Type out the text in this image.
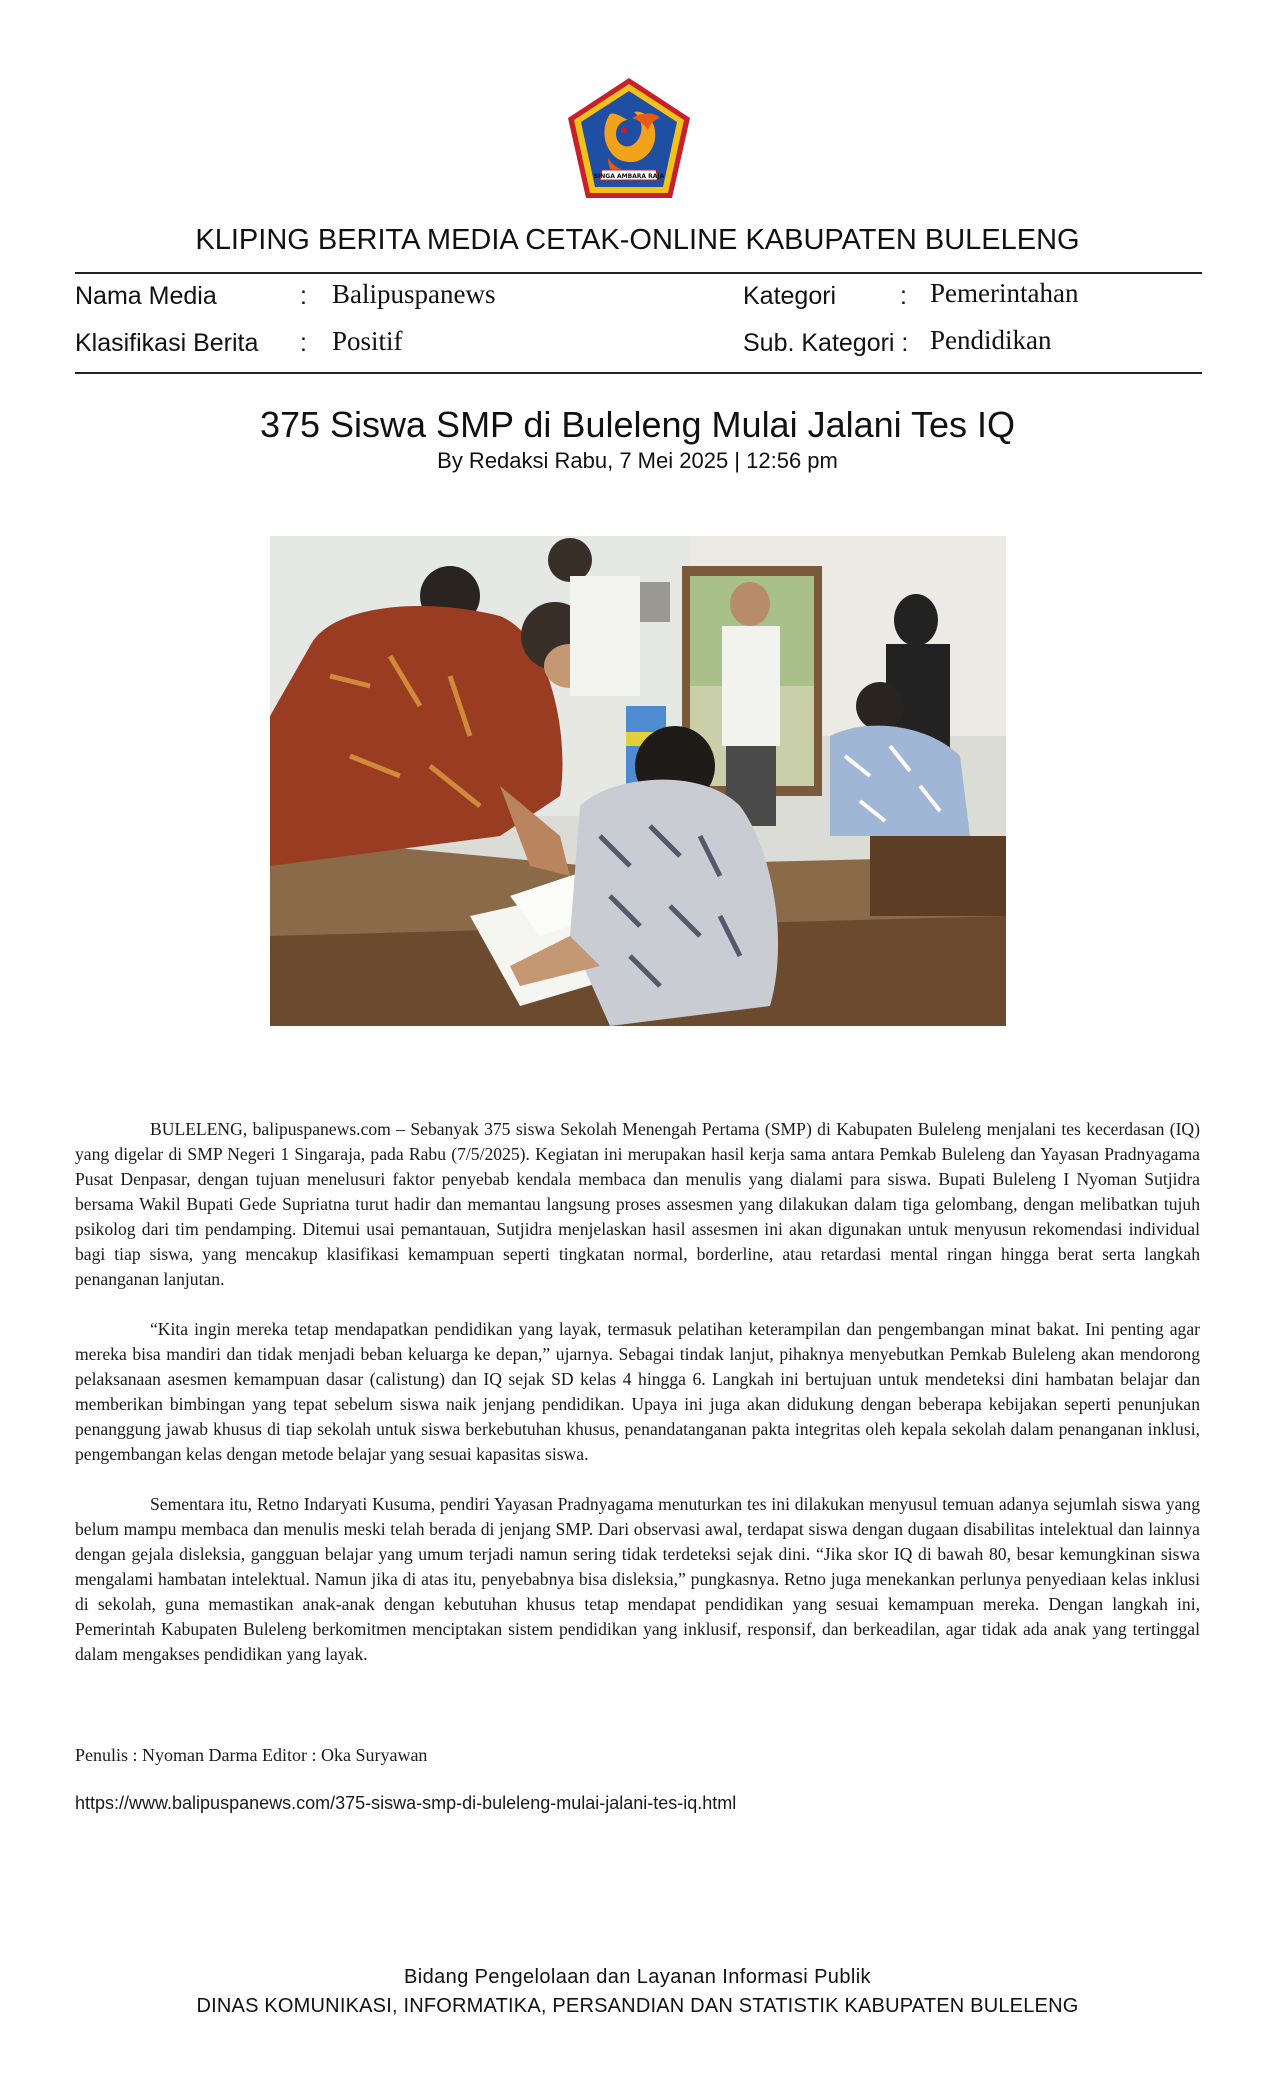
SINGA AMBARA RAJA
KLIPING BERITA MEDIA CETAK-ONLINE KABUPATEN BULELENG
Nama Media	: Balipuspanews	Kategori	: Pemerintahan
Klasifikasi Berita : Positif	Sub. Kategori : Pendidikan
375 Siswa SMP di Buleleng Mulai Jalani Tes IQ
By Redaksi Rabu, 7 Mei 2025 | 12:56 pm

BULELENG, balipuspanews.com – Sebanyak 375 siswa Sekolah Menengah Pertama (SMP) di Kabupaten Buleleng menjalani tes kecerdasan (IQ) yang digelar di SMP Negeri 1 Singaraja, pada Rabu (7/5/2025). Kegiatan ini merupakan hasil kerja sama antara Pemkab Buleleng dan Yayasan Pradnyagama Pusat Denpasar, dengan tujuan menelusuri faktor penyebab kendala membaca dan menulis yang dialami para siswa. Bupati Buleleng I Nyoman Sutjidra bersama Wakil Bupati Gede Supriatna turut hadir dan memantau langsung proses assesmen yang dilakukan dalam tiga gelombang, dengan melibatkan tujuh psikolog dari tim pendamping. Ditemui usai pemantauan, Sutjidra menjelaskan hasil assesmen ini akan digunakan untuk menyusun rekomendasi individual bagi tiap siswa, yang mencakup klasifikasi kemampuan seperti tingkatan normal, borderline, atau retardasi mental ringan hingga berat serta langkah penanganan lanjutan.

“Kita ingin mereka tetap mendapatkan pendidikan yang layak, termasuk pelatihan keterampilan dan pengembangan minat bakat. Ini penting agar mereka bisa mandiri dan tidak menjadi beban keluarga ke depan,” ujarnya. Sebagai tindak lanjut, pihaknya menyebutkan Pemkab Buleleng akan mendorong pelaksanaan asesmen kemampuan dasar (calistung) dan IQ sejak SD kelas 4 hingga 6. Langkah ini bertujuan untuk mendeteksi dini hambatan belajar dan memberikan bimbingan yang tepat sebelum siswa naik jenjang pendidikan. Upaya ini juga akan didukung dengan beberapa kebijakan seperti penunjukan penanggung jawab khusus di tiap sekolah untuk siswa berkebutuhan khusus, penandatanganan pakta integritas oleh kepala sekolah dalam penanganan inklusi, pengembangan kelas dengan metode belajar yang sesuai kapasitas siswa.

Sementara itu, Retno Indaryati Kusuma, pendiri Yayasan Pradnyagama menuturkan tes ini dilakukan menyusul temuan adanya sejumlah siswa yang belum mampu membaca dan menulis meski telah berada di jenjang SMP. Dari observasi awal, terdapat siswa dengan dugaan disabilitas intelektual dan lainnya dengan gejala disleksia, gangguan belajar yang umum terjadi namun sering tidak terdeteksi sejak dini. “Jika skor IQ di bawah 80, besar kemungkinan siswa mengalami hambatan intelektual. Namun jika di atas itu, penyebabnya bisa disleksia,” pungkasnya. Retno juga menekankan perlunya penyediaan kelas inklusi di sekolah, guna memastikan anak-anak dengan kebutuhan khusus tetap mendapat pendidikan yang sesuai kemampuan mereka. Dengan langkah ini, Pemerintah Kabupaten Buleleng berkomitmen menciptakan sistem pendidikan yang inklusif, responsif, dan berkeadilan, agar tidak ada anak yang tertinggal dalam mengakses pendidikan yang layak.

Penulis : Nyoman Darma Editor : Oka Suryawan
https://www.balipuspanews.com/375-siswa-smp-di-buleleng-mulai-jalani-tes-iq.html
Bidang Pengelolaan dan Layanan Informasi Publik
DINAS KOMUNIKASI, INFORMATIKA, PERSANDIAN DAN STATISTIK KABUPATEN BULELENG
